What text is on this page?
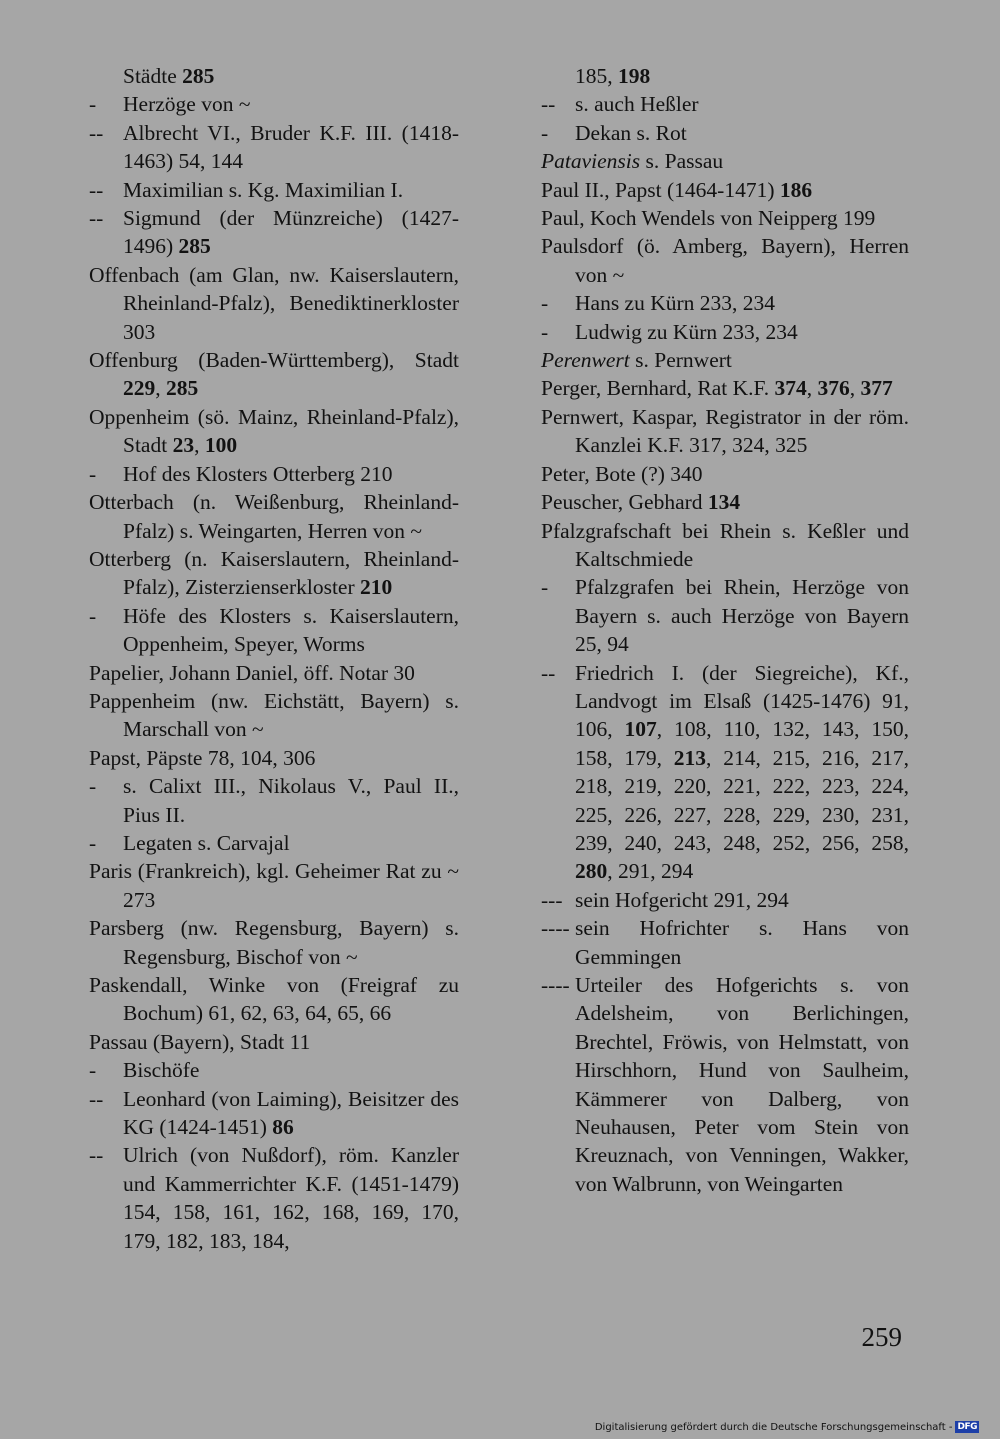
Städte 285
- Herzöge von ~
-- Albrecht VI., Bruder K.F. III. (1418-1463) 54, 144
-- Maximilian s. Kg. Maximilian I.
-- Sigmund (der Münzreiche) (1427-1496) 285
Offenbach (am Glan, nw. Kaiserslautern, Rheinland-Pfalz), Benediktinerkloster 303
Offenburg (Baden-Württemberg), Stadt 229, 285
Oppenheim (sö. Mainz, Rheinland-Pfalz), Stadt 23, 100
- Hof des Klosters Otterberg 210
Otterbach (n. Weißenburg, Rheinland-Pfalz) s. Weingarten, Herren von ~
Otterberg (n. Kaiserslautern, Rheinland-Pfalz), Zisterzienserkloster 210
- Höfe des Klosters s. Kaiserslautern, Oppenheim, Speyer, Worms
Papelier, Johann Daniel, öff. Notar 30
Pappenheim (nw. Eichstätt, Bayern) s. Marschall von ~
Papst, Päpste 78, 104, 306
- s. Calixt III., Nikolaus V., Paul II., Pius II.
- Legaten s. Carvajal
Paris (Frankreich), kgl. Geheimer Rat zu ~ 273
Parsberg (nw. Regensburg, Bayern) s. Regensburg, Bischof von ~
Paskendall, Winke von (Freigraf zu Bochum) 61, 62, 63, 64, 65, 66
Passau (Bayern), Stadt 11
- Bischöfe
-- Leonhard (von Laiming), Beisitzer des KG (1424-1451) 86
-- Ulrich (von Nußdorf), röm. Kanzler und Kammerrichter K.F. (1451-1479) 154, 158, 161, 162, 168, 169, 170, 179, 182, 183, 184,
185, 198
-- s. auch Heßler
- Dekan s. Rot
Pataviensis s. Passau
Paul II., Papst (1464-1471) 186
Paul, Koch Wendels von Neipperg 199
Paulsdorf (ö. Amberg, Bayern), Herren von ~
- Hans zu Kürn 233, 234
- Ludwig zu Kürn 233, 234
Perenwert s. Pernwert
Perger, Bernhard, Rat K.F. 374, 376, 377
Pernwert, Kaspar, Registrator in der röm. Kanzlei K.F. 317, 324, 325
Peter, Bote (?) 340
Peuscher, Gebhard 134
Pfalzgrafschaft bei Rhein s. Keßler und Kaltschmiede
- Pfalzgrafen bei Rhein, Herzöge von Bayern s. auch Herzöge von Bayern 25, 94
-- Friedrich I. (der Siegreiche), Kf., Landvogt im Elsaß (1425-1476) 91, 106, 107, 108, 110, 132, 143, 150, 158, 179, 213, 214, 215, 216, 217, 218, 219, 220, 221, 222, 223, 224, 225, 226, 227, 228, 229, 230, 231, 239, 240, 243, 248, 252, 256, 258, 280, 291, 294
--- sein Hofgericht 291, 294
---- sein Hofrichter s. Hans von Gemmingen
---- Urteiler des Hofgerichts s. von Adelsheim, von Berlichingen, Brechtel, Fröwis, von Helmstatt, von Hirschhorn, Hund von Saulheim, Kämmerer von Dalberg, von Neuhausen, Peter vom Stein von Kreuznach, von Venningen, Wakker, von Walbrunn, von Weingarten
259
Digitalisierung gefördert durch die Deutsche Forschungsgemeinschaft - DFG
